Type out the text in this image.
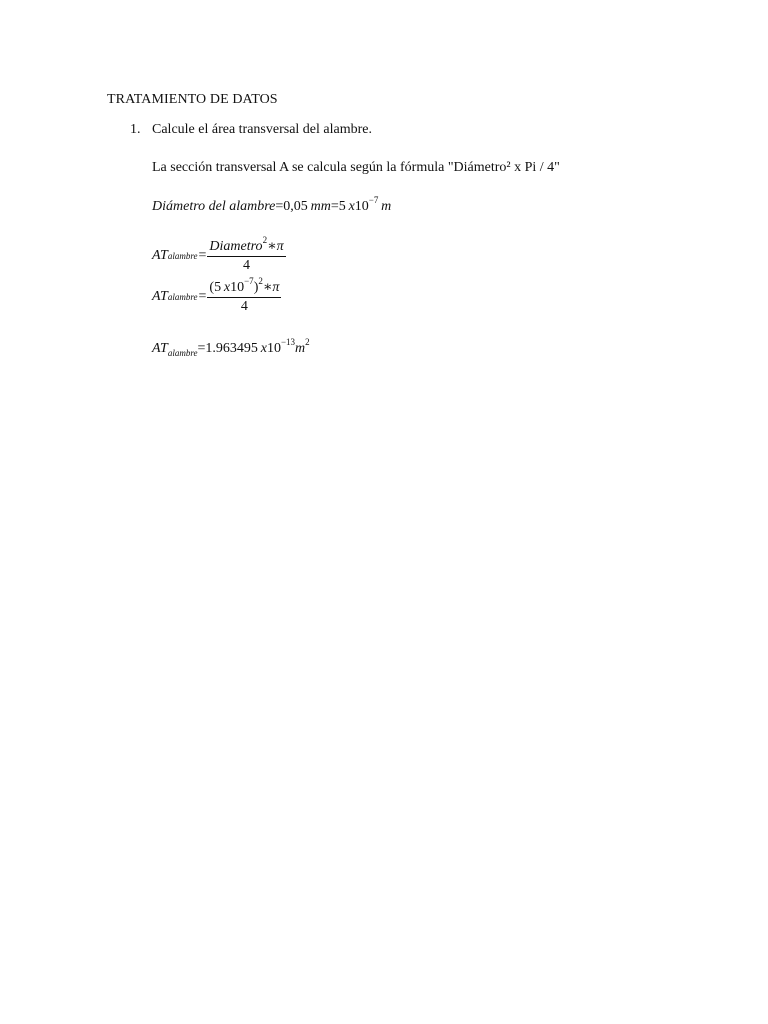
TRATAMIENTO DE DATOS
1. Calcule el área transversal del alambre.
La sección transversal A se calcula según la fórmula "Diámetro² x Pi / 4"
Diámetro del alambre=0,05  mm=5  $x10^{-7}$  m
AT alambre = $\frac{Diametro^2∗\pi}{4}$
AT alambre = $\frac{(5 x10^{-7})^2∗\pi}{4}$
$AT_{alambre}=1.963495$  $x10^{-13}m^2$
